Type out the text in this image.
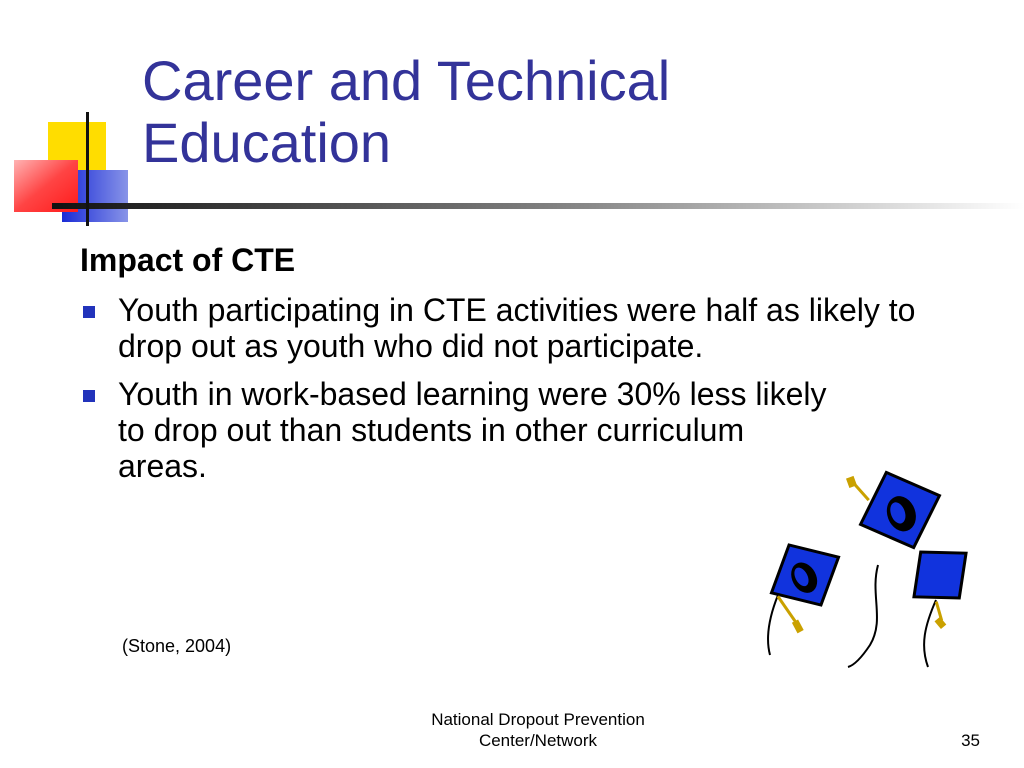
Career and Technical
Education
Impact of CTE
Youth participating in CTE activities were half as likely to drop out as youth who did not participate.
Youth in work-based learning were 30% less likely to drop out than students in other curriculum areas.
(Stone, 2004)
National Dropout Prevention
Center/Network	35
